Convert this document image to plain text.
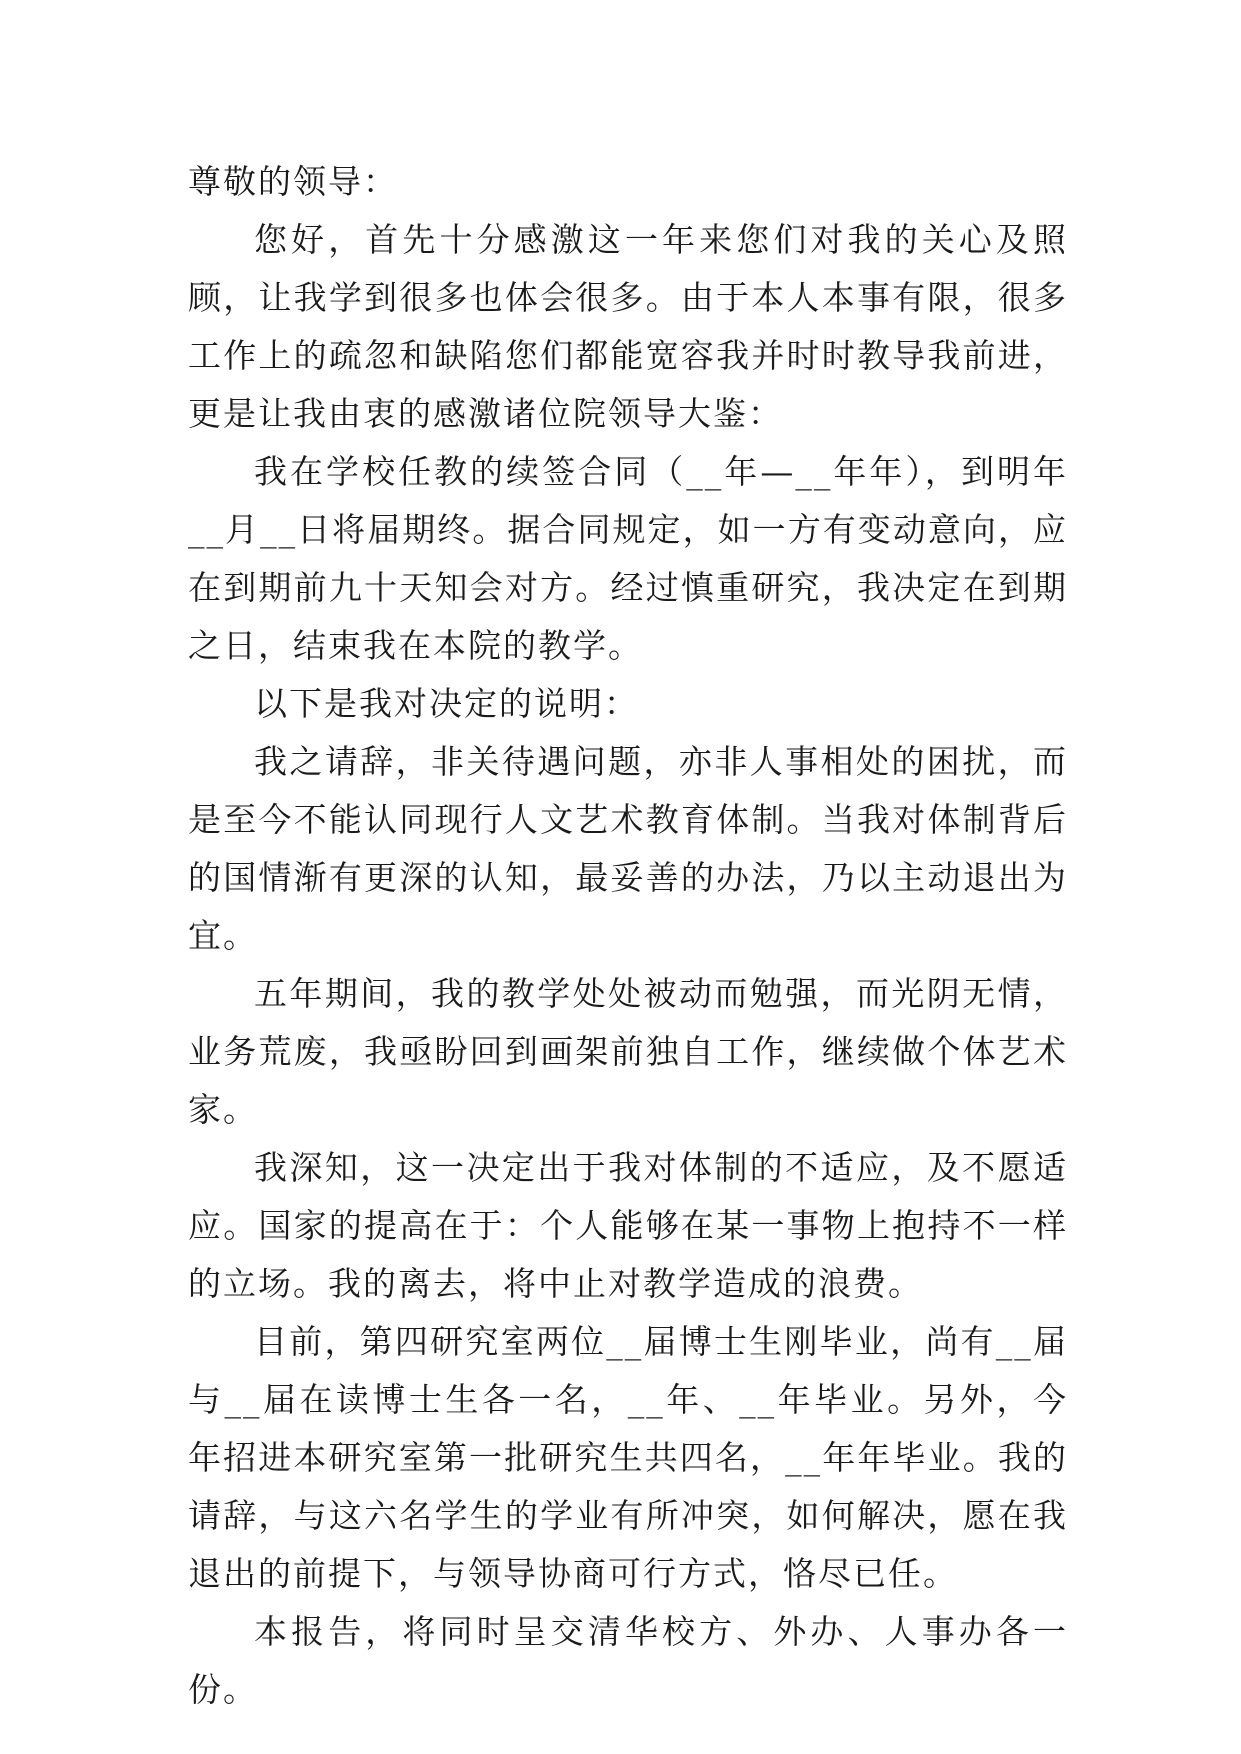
尊敬的领导：

您好，首先十分感激这一年来您们对我的关心及照顾，让我学到很多也体会很多。由于本人本事有限，很多工作上的疏忽和缺陷您们都能宽容我并时时教导我前进，更是让我由衷的感激诸位院领导大鉴：

我在学校任教的续签合同（__年—__年年），到明年__月__日将届期终。据合同规定，如一方有变动意向，应在到期前九十天知会对方。经过慎重研究，我决定在到期之日，结束我在本院的教学。

以下是我对决定的说明：

我之请辞，非关待遇问题，亦非人事相处的困扰，而是至今不能认同现行人文艺术教育体制。当我对体制背后的国情渐有更深的认知，最妥善的办法，乃以主动退出为宜。

五年期间，我的教学处处被动而勉强，而光阴无情，业务荒废，我亟盼回到画架前独自工作，继续做个体艺术家。

我深知，这一决定出于我对体制的不适应，及不愿适应。国家的提高在于：个人能够在某一事物上抱持不一样的立场。我的离去，将中止对教学造成的浪费。

目前，第四研究室两位__届博士生刚毕业，尚有__届与__届在读博士生各一名，__年、__年毕业。另外，今年招进本研究室第一批研究生共四名，__年年毕业。我的请辞，与这六名学生的学业有所冲突，如何解决，愿在我退出的前提下，与领导协商可行方式，恪尽已任。

本报告，将同时呈交清华校方、外办、人事办各一份。
